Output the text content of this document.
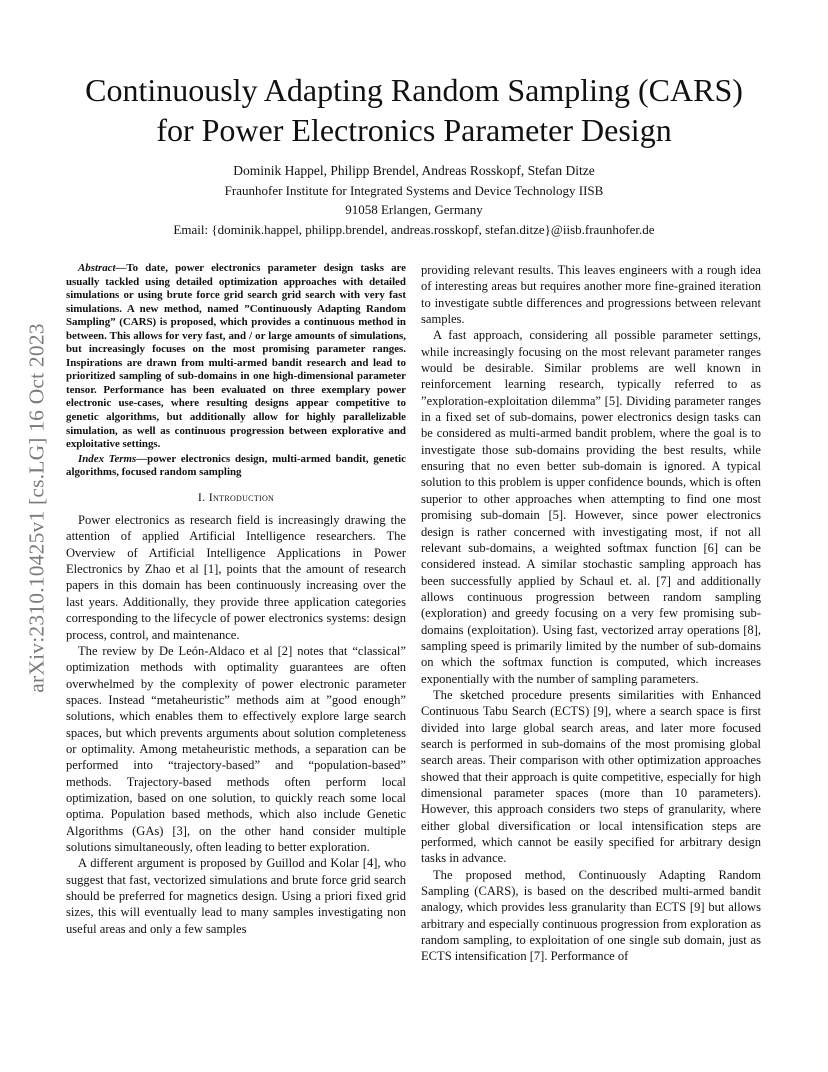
arXiv:2310.10425v1 [cs.LG] 16 Oct 2023
Continuously Adapting Random Sampling (CARS)
for Power Electronics Parameter Design
Dominik Happel, Philipp Brendel, Andreas Rosskopf, Stefan Ditze
Fraunhofer Institute for Integrated Systems and Device Technology IISB
91058 Erlangen, Germany
Email: {dominik.happel, philipp.brendel, andreas.rosskopf, stefan.ditze}@iisb.fraunhofer.de

Abstract—To date, power electronics parameter design tasks are usually tackled using detailed optimization approaches with detailed simulations or using brute force grid search grid search with very fast simulations. A new method, named ”Continuously Adapting Random Sampling” (CARS) is proposed, which provides a continuous method in between. This allows for very fast, and / or large amounts of simulations, but increasingly focuses on the most promising parameter ranges. Inspirations are drawn from multi-armed bandit research and lead to prioritized sampling of sub-domains in one high-dimensional parameter tensor. Performance has been evaluated on three exemplary power electronic use-cases, where resulting designs appear competitive to genetic algorithms, but additionally allow for highly parallelizable simulation, as well as continuous progression between explorative and exploitative settings.

Index Terms—power electronics design, multi-armed bandit, genetic algorithms, focused random sampling

I. Introduction

Power electronics as research field is increasingly drawing the attention of applied Artificial Intelligence researchers. The Overview of Artificial Intelligence Applications in Power Electronics by Zhao et al [1], points that the amount of research papers in this domain has been continuously increasing over the last years. Additionally, they provide three application categories corresponding to the lifecycle of power electronics systems: design process, control, and maintenance.

The review by De León-Aldaco et al [2] notes that “classical” optimization methods with optimality guarantees are often overwhelmed by the complexity of power electronic parameter spaces. Instead “metaheuristic” methods aim at ”good enough” solutions, which enables them to effectively explore large search spaces, but which prevents arguments about solution completeness or optimality. Among metaheuristic methods, a separation can be performed into “trajectory-based” and “population-based” methods. Trajectory-based methods often perform local optimization, based on one solution, to quickly reach some local optima. Population based methods, which also include Genetic Algorithms (GAs) [3], on the other hand consider multiple solutions simultaneously, often leading to better exploration.

A different argument is proposed by Guillod and Kolar [4], who suggest that fast, vectorized simulations and brute force grid search should be preferred for magnetics design. Using a priori fixed grid sizes, this will eventually lead to many samples investigating non useful areas and only a few samples

providing relevant results. This leaves engineers with a rough idea of interesting areas but requires another more fine-grained iteration to investigate subtle differences and progressions between relevant samples.

A fast approach, considering all possible parameter settings, while increasingly focusing on the most relevant parameter ranges would be desirable. Similar problems are well known in reinforcement learning research, typically referred to as ”exploration-exploitation dilemma” [5]. Dividing parameter ranges in a fixed set of sub-domains, power electronics design tasks can be considered as multi-armed bandit problem, where the goal is to investigate those sub-domains providing the best results, while ensuring that no even better sub-domain is ignored. A typical solution to this problem is upper confidence bounds, which is often superior to other approaches when attempting to find one most promising sub-domain [5]. However, since power electronics design is rather concerned with investigating most, if not all relevant sub-domains, a weighted softmax function [6] can be considered instead. A similar stochastic sampling approach has been successfully applied by Schaul et. al. [7] and additionally allows continuous progression between random sampling (exploration) and greedy focusing on a very few promising sub-domains (exploitation). Using fast, vectorized array operations [8], sampling speed is primarily limited by the number of sub-domains on which the softmax function is computed, which increases exponentially with the number of sampling parameters.

The sketched procedure presents similarities with Enhanced Continuous Tabu Search (ECTS) [9], where a search space is first divided into large global search areas, and later more focused search is performed in sub-domains of the most promising global search areas. Their comparison with other optimization approaches showed that their approach is quite competitive, especially for high dimensional parameter spaces (more than 10 parameters). However, this approach considers two steps of granularity, where either global diversification or local intensification steps are performed, which cannot be easily specified for arbitrary design tasks in advance.

The proposed method, Continuously Adapting Random Sampling (CARS), is based on the described multi-armed bandit analogy, which provides less granularity than ECTS [9] but allows arbitrary and especially continuous progression from exploration as random sampling, to exploitation of one single sub domain, just as ECTS intensification [7]. Performance of
